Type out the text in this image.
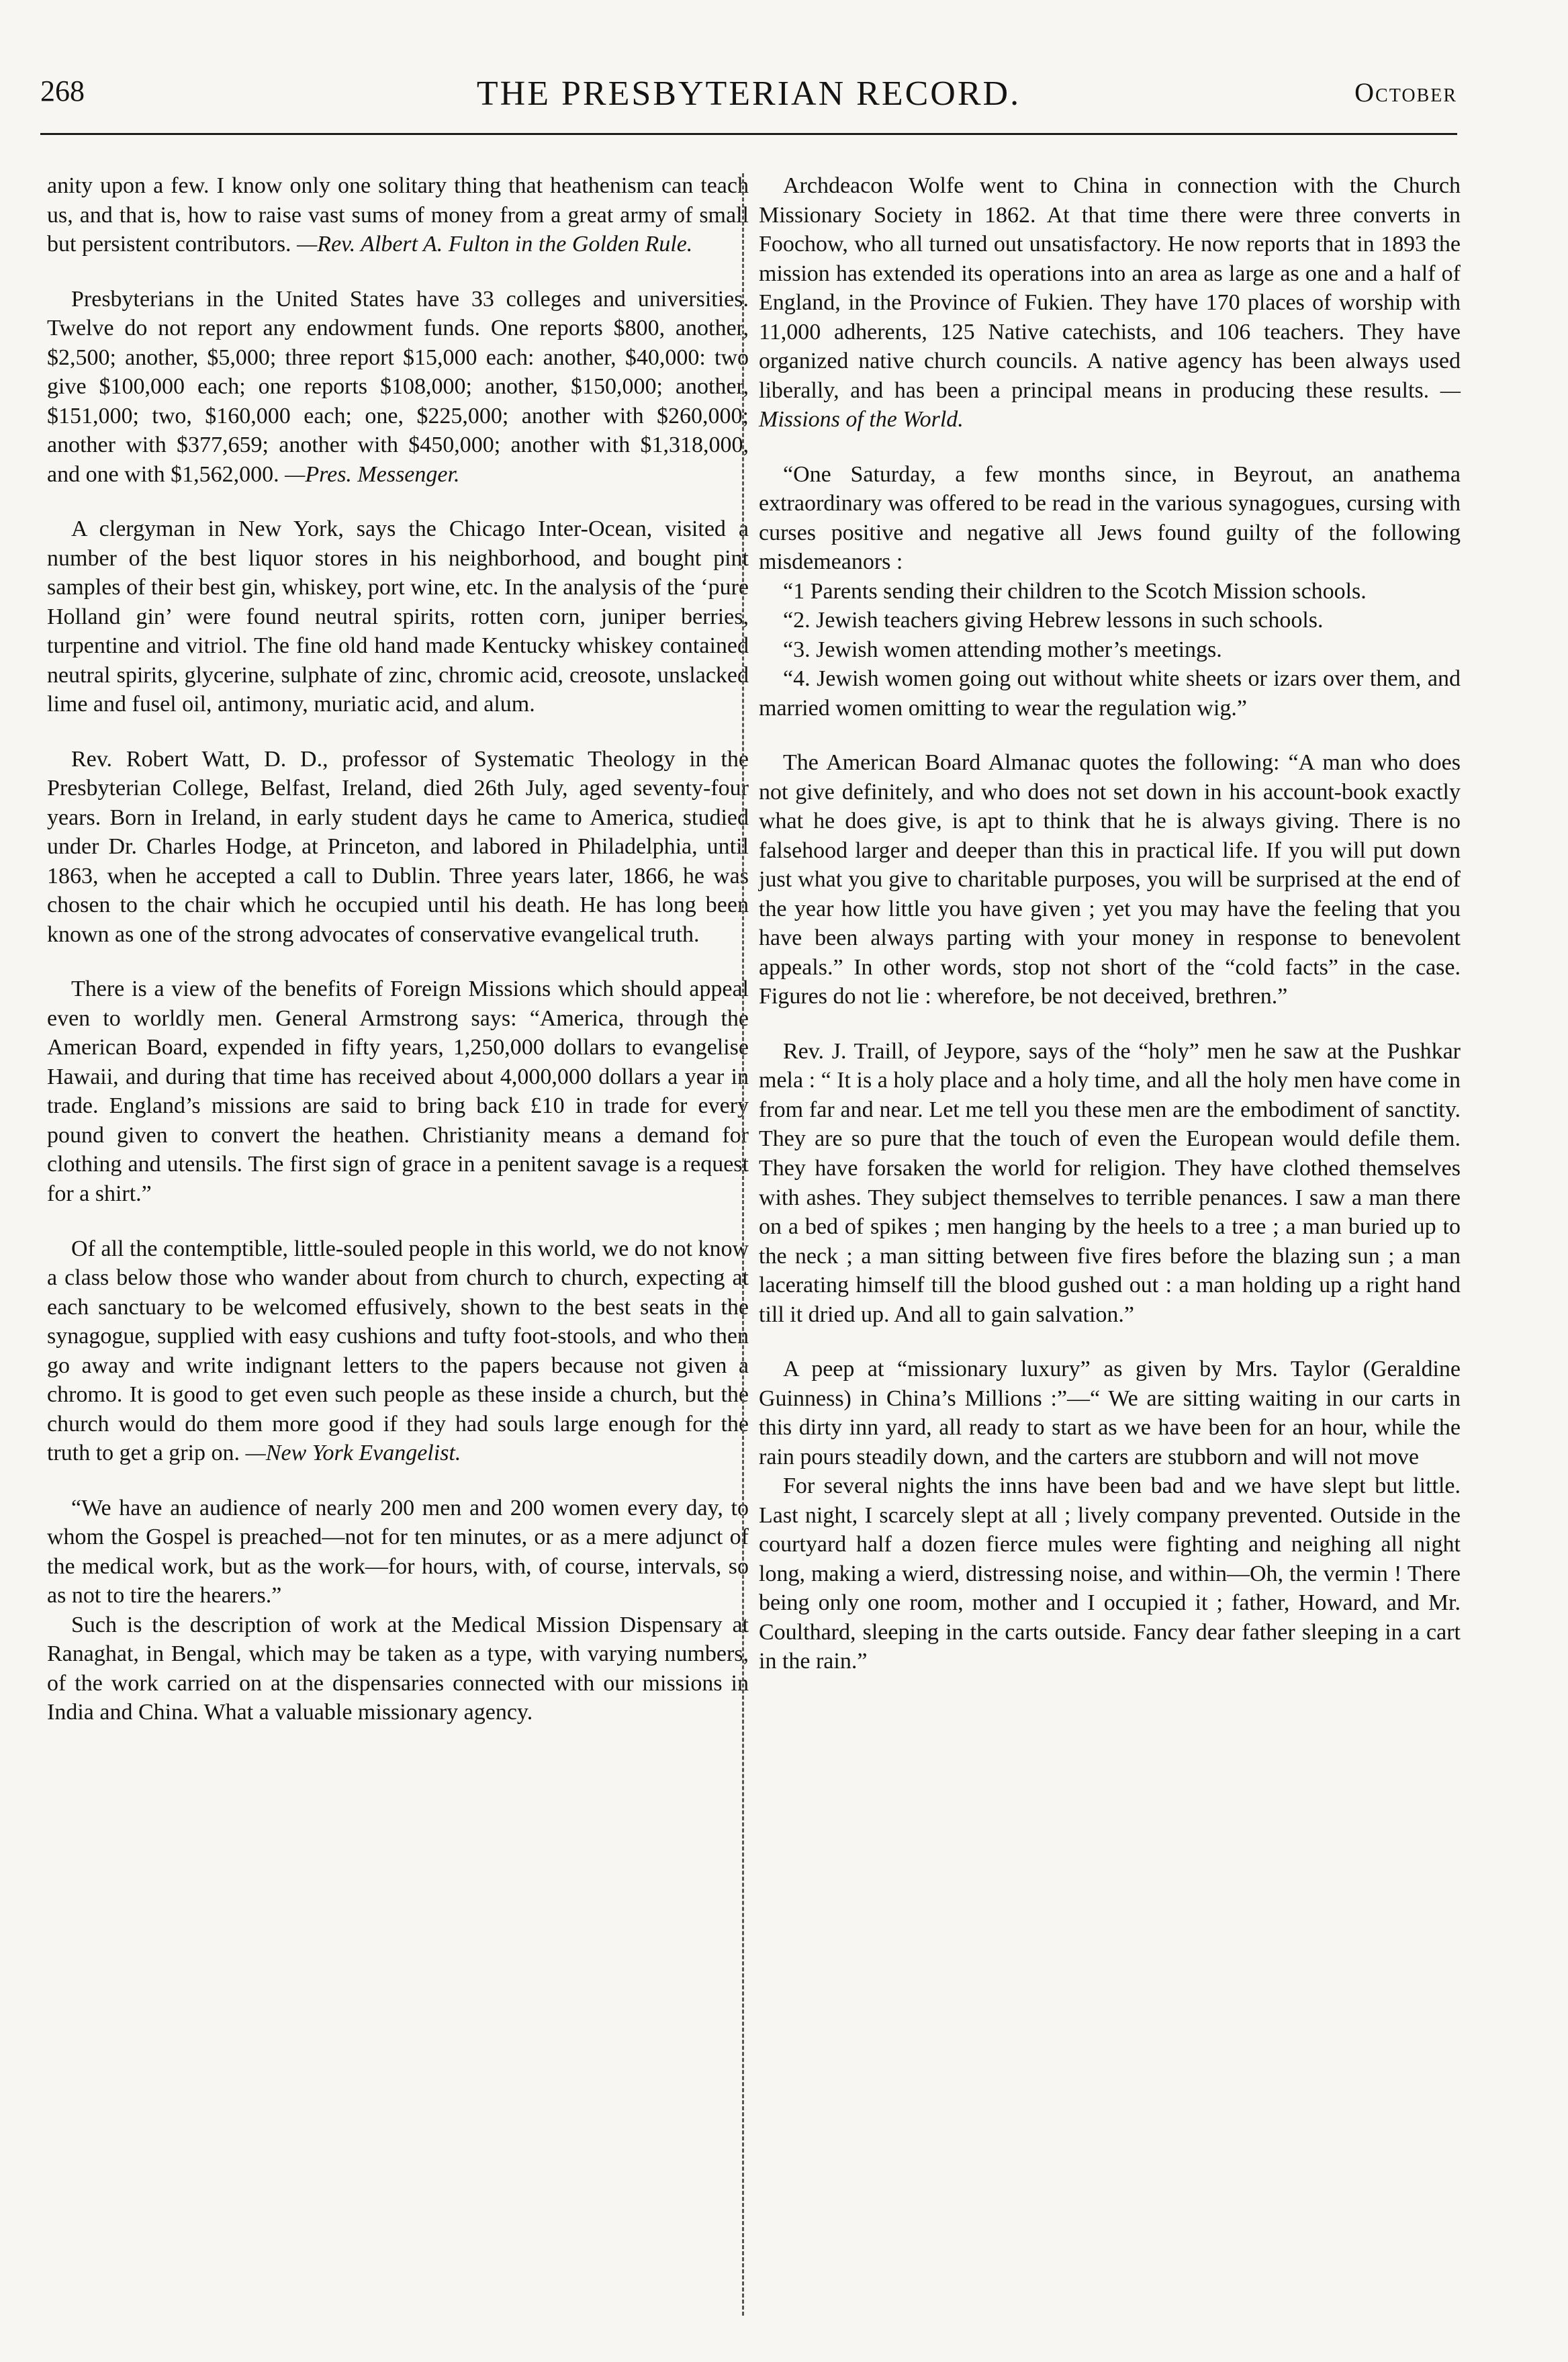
268	THE PRESBYTERIAN RECORD.	October

anity upon a few. I know only one solitary thing that heathenism can teach us, and that is, how to raise vast sums of money from a great army of small but persistent contributors. —Rev. Albert A. Fulton in the Golden Rule.

Presbyterians in the United States have 33 colleges and universities. Twelve do not report any endowment funds. One reports $800, another, $2,500; another, $5,000; three report $15,000 each: another, $40,000: two give $100,000 each; one reports $108,000; another, $150,000; another, $151,000; two, $160,000 each; one, $225,000; another with $260,000; another with $377,659; another with $450,000; another with $1,318,000, and one with $1,562,000. —Pres. Messenger.

A clergyman in New York, says the Chicago Inter-Ocean, visited a number of the best liquor stores in his neighborhood, and bought pint samples of their best gin, whiskey, port wine, etc. In the analysis of the ‘pure Holland gin’ were found neutral spirits, rotten corn, juniper berries, turpentine and vitriol. The fine old hand made Kentucky whiskey contained neutral spirits, glycerine, sulphate of zinc, chromic acid, creosote, unslacked lime and fusel oil, antimony, muriatic acid, and alum.

Rev. Robert Watt, D. D., professor of Systematic Theology in the Presbyterian College, Belfast, Ireland, died 26th July, aged seventy-four years. Born in Ireland, in early student days he came to America, studied under Dr. Charles Hodge, at Princeton, and labored in Philadelphia, until 1863, when he accepted a call to Dublin. Three years later, 1866, he was chosen to the chair which he occupied until his death. He has long been known as one of the strong advocates of conservative evangelical truth.

There is a view of the benefits of Foreign Missions which should appeal even to worldly men. General Armstrong says: “America, through the American Board, expended in fifty years, 1,250,000 dollars to evangelise Hawaii, and during that time has received about 4,000,000 dollars a year in trade. England’s missions are said to bring back £10 in trade for every pound given to convert the heathen. Christianity means a demand for clothing and utensils. The first sign of grace in a penitent savage is a request for a shirt.”

Of all the contemptible, little-souled people in this world, we do not know a class below those who wander about from church to church, expecting at each sanctuary to be welcomed effusively, shown to the best seats in the synagogue, supplied with easy cushions and tufty foot-stools, and who then go away and write indignant letters to the papers because not given a chromo. It is good to get even such people as these inside a church, but the church would do them more good if they had souls large enough for the truth to get a grip on. —New York Evangelist.

“We have an audience of nearly 200 men and 200 women every day, to whom the Gospel is preached—not for ten minutes, or as a mere adjunct of the medical work, but as the work—for hours, with, of course, intervals, so as not to tire the hearers.”

Such is the description of work at the Medical Mission Dispensary at Ranaghat, in Bengal, which may be taken as a type, with varying numbers, of the work carried on at the dispensaries connected with our missions in India and China. What a valuable missionary agency.

Archdeacon Wolfe went to China in connection with the Church Missionary Society in 1862. At that time there were three converts in Foochow, who all turned out unsatisfactory. He now reports that in 1893 the mission has extended its operations into an area as large as one and a half of England, in the Province of Fukien. They have 170 places of worship with 11,000 adherents, 125 Native catechists, and 106 teachers. They have organized native church councils. A native agency has been always used liberally, and has been a principal means in producing these results. —Missions of the World.

“One Saturday, a few months since, in Beyrout, an anathema extraordinary was offered to be read in the various synagogues, cursing with curses positive and negative all Jews found guilty of the following misdemeanors :

“1 Parents sending their children to the Scotch Mission schools.

“2. Jewish teachers giving Hebrew lessons in such schools.

“3. Jewish women attending mother’s meetings.

“4. Jewish women going out without white sheets or izars over them, and married women omitting to wear the regulation wig.”

The American Board Almanac quotes the following: “A man who does not give definitely, and who does not set down in his account-book exactly what he does give, is apt to think that he is always giving. There is no falsehood larger and deeper than this in practical life. If you will put down just what you give to charitable purposes, you will be surprised at the end of the year how little you have given ; yet you may have the feeling that you have been always parting with your money in response to benevolent appeals.” In other words, stop not short of the “cold facts” in the case. Figures do not lie : wherefore, be not deceived, brethren.”

Rev. J. Traill, of Jeypore, says of the “holy” men he saw at the Pushkar mela : “ It is a holy place and a holy time, and all the holy men have come in from far and near. Let me tell you these men are the embodiment of sanctity. They are so pure that the touch of even the European would defile them. They have forsaken the world for religion. They have clothed themselves with ashes. They subject themselves to terrible penances. I saw a man there on a bed of spikes ; men hanging by the heels to a tree ; a man buried up to the neck ; a man sitting between five fires before the blazing sun ; a man lacerating himself till the blood gushed out : a man holding up a right hand till it dried up. And all to gain salvation.”

A peep at “missionary luxury” as given by Mrs. Taylor (Geraldine Guinness) in China’s Millions :”—“ We are sitting waiting in our carts in this dirty inn yard, all ready to start as we have been for an hour, while the rain pours steadily down, and the carters are stubborn and will not move

For several nights the inns have been bad and we have slept but little. Last night, I scarcely slept at all ; lively company prevented. Outside in the courtyard half a dozen fierce mules were fighting and neighing all night long, making a wierd, distressing noise, and within—Oh, the vermin ! There being only one room, mother and I occupied it ; father, Howard, and Mr. Coulthard, sleeping in the carts outside. Fancy dear father sleeping in a cart in the rain.”
